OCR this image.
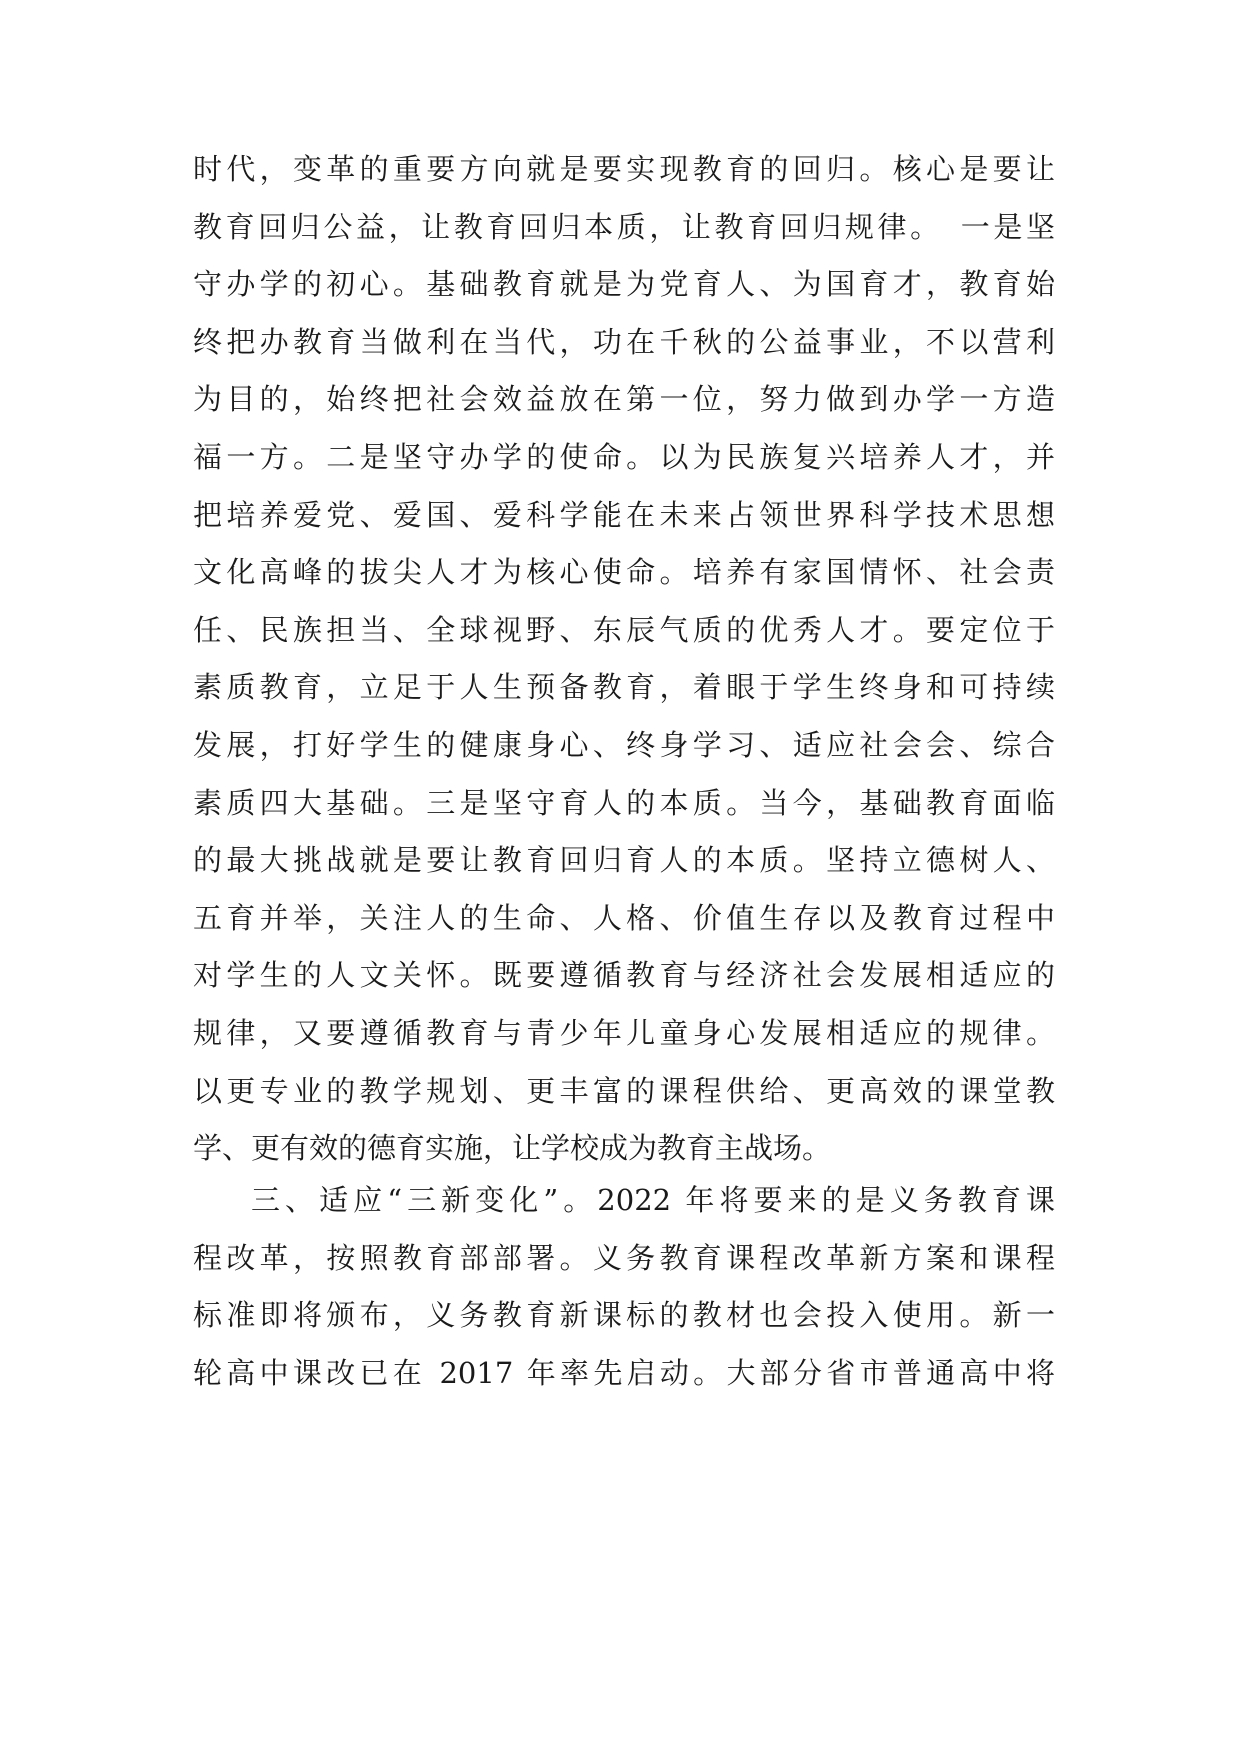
时代，变革的重要方向就是要实现教育的回归。核心是要让
教育回归公益，让教育回归本质，让教育回归规律。　一是坚
守办学的初心。基础教育就是为党育人、为国育才，教育始
终把办教育当做利在当代，功在千秋的公益事业，不以营利
为目的，始终把社会效益放在第一位，努力做到办学一方造
福一方。二是坚守办学的使命。以为民族复兴培养人才，并
把培养爱党、爱国、爱科学能在未来占领世界科学技术思想
文化高峰的拔尖人才为核心使命。培养有家国情怀、社会责
任、民族担当、全球视野、东辰气质的优秀人才。要定位于
素质教育，立足于人生预备教育，着眼于学生终身和可持续
发展，打好学生的健康身心、终身学习、适应社会会、综合
素质四大基础。三是坚守育人的本质。当今，基础教育面临
的最大挑战就是要让教育回归育人的本质。坚持立德树人、
五育并举，关注人的生命、人格、价值生存以及教育过程中
对学生的人文关怀。既要遵循教育与经济社会发展相适应的
规律，又要遵循教育与青少年儿童身心发展相适应的规律。
以更专业的教学规划、更丰富的课程供给、更高效的课堂教
学、更有效的德育实施，让学校成为教育主战场。
三、适应“三新变化”。2022 年将要来的是义务教育课
程改革，按照教育部部署。义务教育课程改革新方案和课程
标准即将颁布，义务教育新课标的教材也会投入使用。新一
轮高中课改已在 2017 年率先启动。大部分省市普通高中将
